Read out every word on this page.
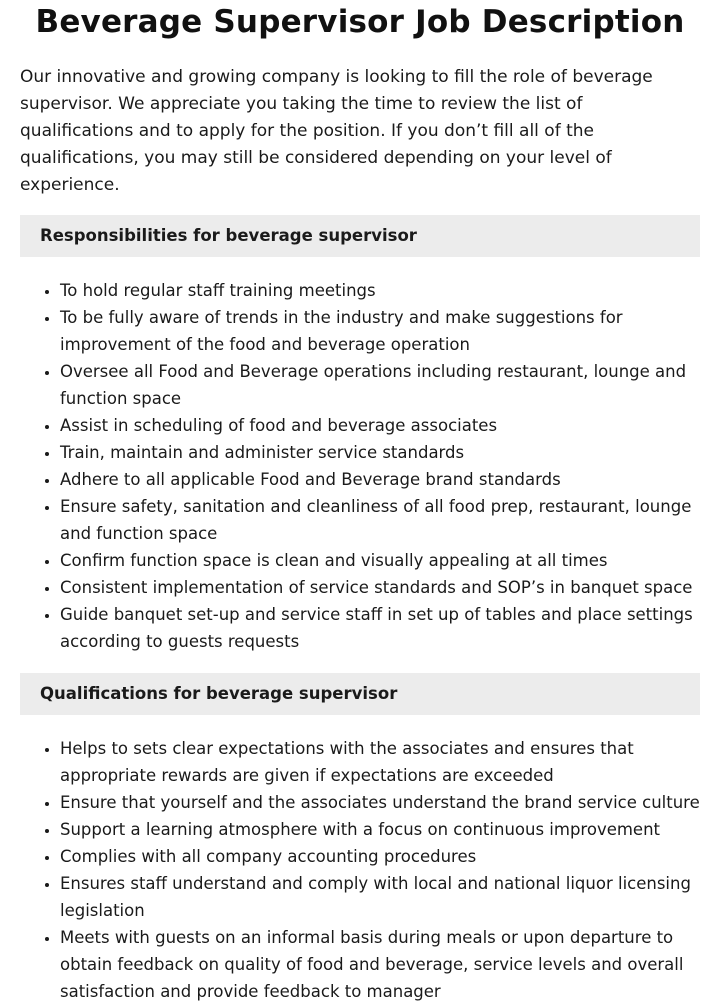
Beverage Supervisor Job Description

Our innovative and growing company is looking to fill the role of beverage supervisor. We appreciate you taking the time to review the list of qualifications and to apply for the position. If you don’t fill all of the qualifications, you may still be considered depending on your level of experience.

Responsibilities for beverage supervisor
• To hold regular staff training meetings
• To be fully aware of trends in the industry and make suggestions for improvement of the food and beverage operation
• Oversee all Food and Beverage operations including restaurant, lounge and function space
• Assist in scheduling of food and beverage associates
• Train, maintain and administer service standards
• Adhere to all applicable Food and Beverage brand standards
• Ensure safety, sanitation and cleanliness of all food prep, restaurant, lounge and function space
• Confirm function space is clean and visually appealing at all times
• Consistent implementation of service standards and SOP’s in banquet space
• Guide banquet set-up and service staff in set up of tables and place settings according to guests requests
Qualifications for beverage supervisor
• Helps to sets clear expectations with the associates and ensures that appropriate rewards are given if expectations are exceeded
• Ensure that yourself and the associates understand the brand service culture
• Support a learning atmosphere with a focus on continuous improvement
• Complies with all company accounting procedures
• Ensures staff understand and comply with local and national liquor licensing legislation
• Meets with guests on an informal basis during meals or upon departure to obtain feedback on quality of food and beverage, service levels and overall satisfaction and provide feedback to manager
